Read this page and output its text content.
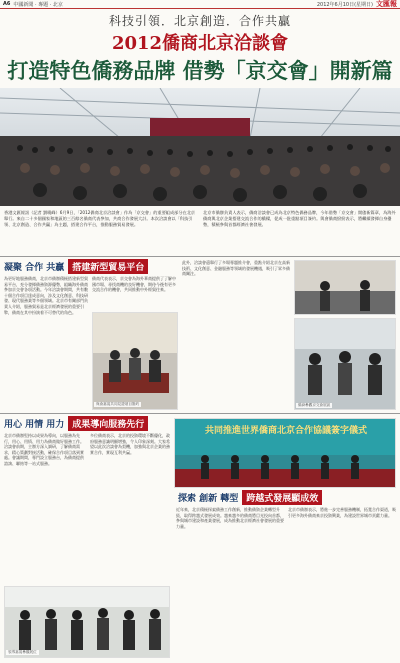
A6 中國新聞 · 專題 · 北京	2012年6月10日(星期日) 文匯報
科技引領．北京創造．合作共贏
2012僑商北京洽談會
打造特色僑務品牌 借勢「京交會」開新篇

香港文匯報訊（記者 劉曉峰）6月9日，「2012僑商北京洽談會」作為「京交會」的重要組成部分在北京舉行。來自二十多個國家和地區的三百餘名僑商代表參加，共商合作發展大計。本次洽談會以「科技引領、北京創造、合作共贏」為主題，搭建合作平台，推動服務貿易發展。

北京市僑辦負責人表示，僑商洽談會已成為北京特色僑務品牌，今年借勢「京交會」開啟新篇章，為海外僑商與北京企業搭建交流合作的橋樑，促成一批重點項目簽約。與會僑商紛紛表示，將繼續發揮自身優勢，積極參與首都經濟社會發展。

凝聚 合作 共贏 搭建新型貿易平台
為更好地服務僑商，北京市僑辦積極搭建新型貿易平台，充分發揮僑務資源優勢，組織海外僑商參加京交會各項活動。今年洽談會期間，共有數十個合作項目達成意向，涉及文化創意、科技研發、現代服務業等多個領域。北京市有關部門負責人介紹，服務貿易是北京經濟發展的重要引擎，僑商在其中扮演着不可替代的角色。
僑商代表表示，京交會為海外華商提供了了解中國市場、尋找商機的良好機會，期待今後有更多交流合作的機會，共同推動中外經貿往來。
與會嘉賓共同見證項目簽約
此外，洽談會還舉行了多場專題推介會，重點介紹北京在高新技術、文化創意、金融服務等領域的發展機遇，吸引了眾多僑商關注。
僑商參觀京交會展區
用心 用情 用力 成果導向服務先行
北京市僑辦堅持以成果為導向，以服務為先行，用心、用情、用力為僑商做好服務工作。洽談會前期，主辦方深入調研，了解僑商需求，精心策劃對接活動，確保合作項目落到實處。會議期間，專門設立服務台，為僑商提供諮詢、聯絡等一站式服務。
多位僑商表示，北京的投資環境不斷優化，政府服務意識明顯增強，令人印象深刻。大家希望以此次洽談會為契機，加強與北京企業的務實合作，實現互利共贏。
共同推進世界僑商北京合作協議簽字儀式
探索 創新 轉型 跨越式發展顯成效
近年來，北京積極探索僑務工作創新，推動僑資企業轉型升級，取得跨越式發展成效。越來越多的僑商將目光投向首都，參與城市建設和產業發展，成為推動北京經濟社會發展的重要力量。
北京市僑辦表示，將進一步完善服務機制，拓寬合作渠道，吸引更多海外僑商來京投資興業，為建設世界城市貢獻力量。
領導嘉賓參觀展位
